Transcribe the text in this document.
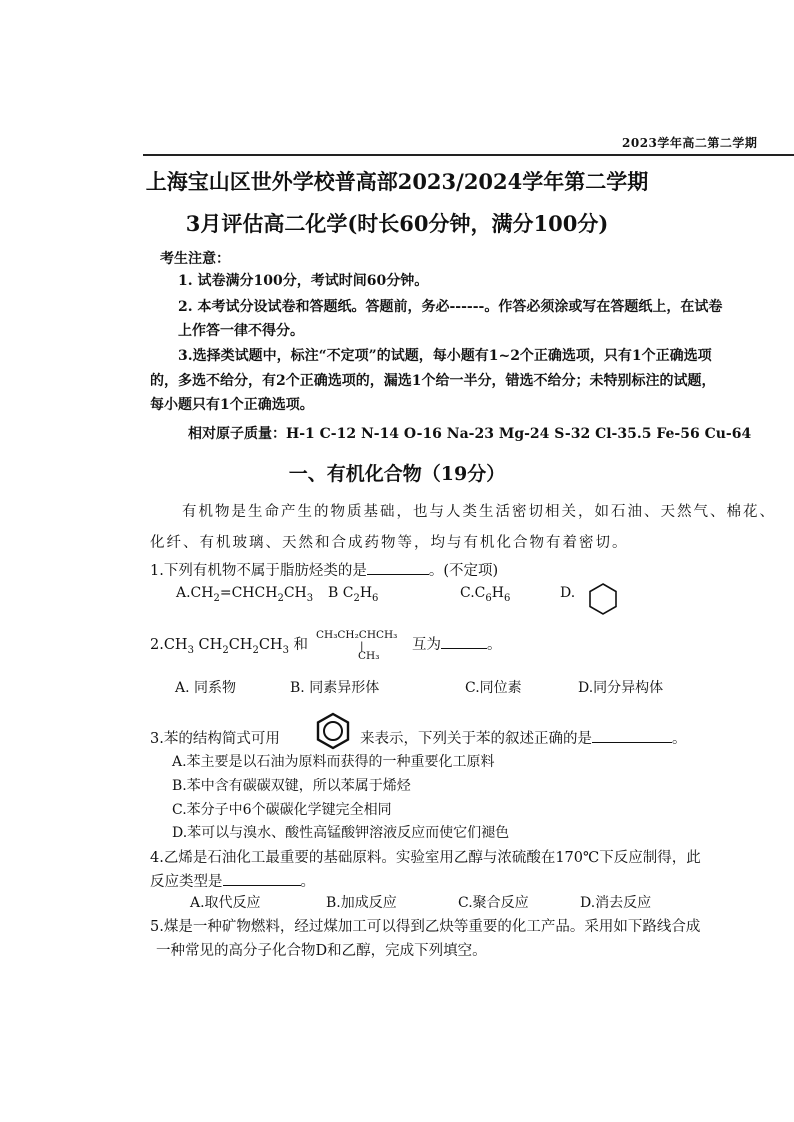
2023学年高二第二学期
上海宝山区世外学校普高部2023/2024学年第二学期
3月评估高二化学(时长60分钟，满分100分)
考生注意：
1. 试卷满分100分，考试时间60分钟。
2. 本考试分设试卷和答题纸。答题前，务必------。作答必须涂或写在答题纸上，在试卷
上作答一律不得分。
3.选择类试题中，标注“不定项”的试题，每小题有1~2个正确选项，只有1个正确选项
的，多选不给分，有2个正确选项的，漏选1个给一半分，错选不给分；未特别标注的试题，
每小题只有1个正确选项。
相对原子质量：H-1 C-12 N-14 O-16 Na-23 Mg-24 S-32 Cl-35.5 Fe-56 Cu-64
一、有机化合物（19分）
有机物是生命产生的物质基础，也与人类生活密切相关，如石油、天然气、棉花、
化纤、有机玻璃、天然和合成药物等，均与有机化合物有着密切。
1.下列有机物不属于脂肪烃类的是	。(不定项)
$A.CH_2=CHCH_2CH_3$ B $C_2H_6$	$C.C_6H_6$	D.
$2.CH_3$ $CH_2CH_2CH_3$ 和
CH₃CH₂CHCH₃
|
CH₃
互为	。
A. 同系物	B. 同素异形体	C.同位素	D.同分异构体
3.苯的结构简式可用	来表示，下列关于苯的叙述正确的是	。
A.苯主要是以石油为原料而获得的一种重要化工原料
B.苯中含有碳碳双键，所以苯属于烯烃
C.苯分子中6个碳碳化学键完全相同
D.苯可以与溴水、酸性高锰酸钾溶液反应而使它们褪色
4.乙烯是石油化工最重要的基础原料。实验室用乙醇与浓硫酸在170℃下反应制得，此
反应类型是	。
A.取代反应	B.加成反应	C.聚合反应	D.消去反应
5.煤是一种矿物燃料，经过煤加工可以得到乙炔等重要的化工产品。采用如下路线合成
一种常见的高分子化合物D和乙醇，完成下列填空。
